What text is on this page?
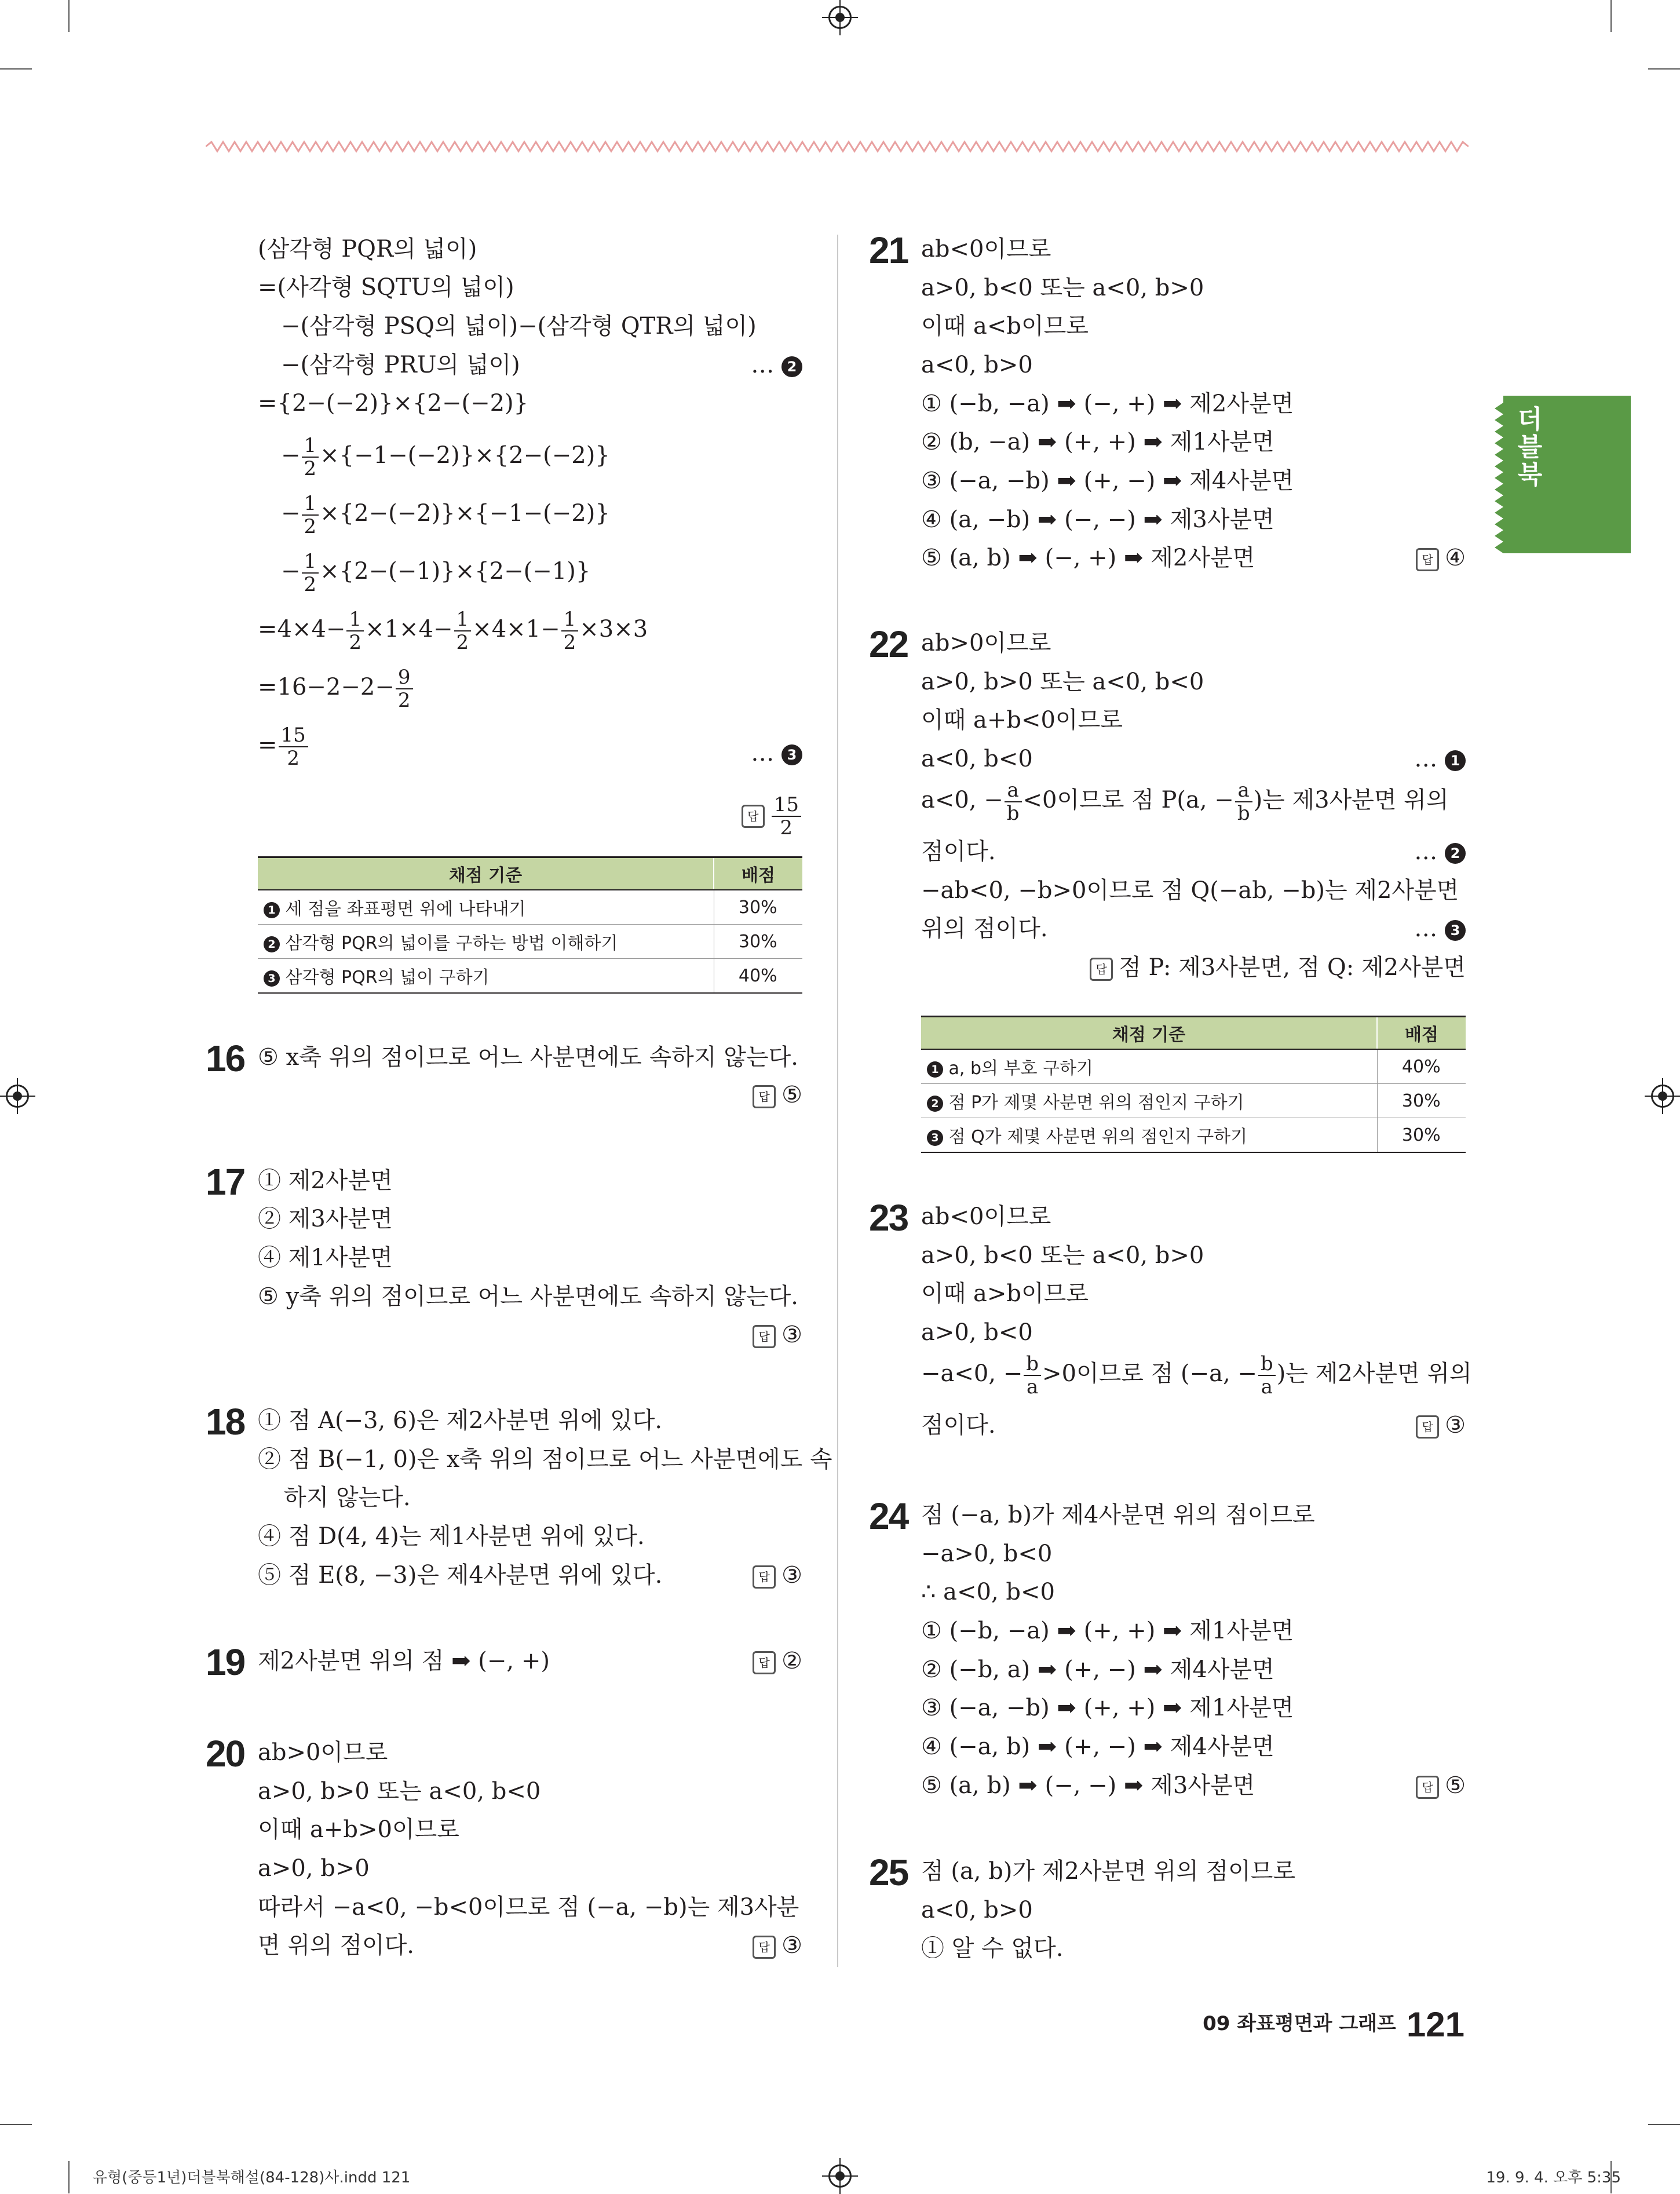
더블북
(삼각형 PQR의 넓이)
=(사각형 SQTU의 넓이)
−(삼각형 PSQ의 넓이)−(삼각형 QTR의 넓이)
−(삼각형 PRU의 넓이)	… 2
={2−(−2)}×{2−(−2)}
− $\frac{1}{2} \times\{-1-(-2)\}\times\{2-(-2)\}$
− $\frac{1}{2} \times\{2-(-2)\}\times\{-1-(-2)\}$
− $\frac{1}{2} \times\{2-(-1)\}\times\{2-(-1)\}$
$=4\times 4- \frac{1}{2} \times 1\times 4- \frac{1}{2} \times 4\times 1- \frac{1}{2} \times 3\times 3$
$=16-2-2- \frac{9}{2}$
= $\frac{15}{2}$	… 3
답 $\frac{15}{2}$
채점 기준	배점
1 세 점을 좌표평면 위에 나타내기	30%
2 삼각형 PQR의 넓이를 구하는 방법 이해하기	30%
3 삼각형 PQR의 넓이 구하기	40%
16 ⑤ x축 위의 점이므로 어느 사분면에도 속하지 않는다.
답 ⑤
17 ① 제2사분면
② 제3사분면
④ 제1사분면
⑤ y축 위의 점이므로 어느 사분면에도 속하지 않는다.
답 ③
18 ① 점 A(−3, 6)은 제2사분면 위에 있다.
② 점 B(−1, 0)은 x축 위의 점이므로 어느 사분면에도 속
하지 않는다.
④ 점 D(4, 4)는 제1사분면 위에 있다.
⑤ 점 E(8, −3)은 제4사분면 위에 있다.	답 ③
19 제2사분면 위의 점 ➡ (−, +)	답 ②
20 ab>0이므로
a>0, b>0 또는 a<0, b<0
이때 a+b>0이므로
a>0, b>0
따라서 −a<0, −b<0이므로 점 (−a, −b)는 제3사분
면 위의 점이다.	답 ③
21 ab<0이므로
a>0, b<0 또는 a<0, b>0
이때 a<b이므로
a<0, b>0
① (−b, −a) ➡ (−, +) ➡ 제2사분면
② (b, −a) ➡ (+, +) ➡ 제1사분면
③ (−a, −b) ➡ (+, −) ➡ 제4사분면
④ (a, −b) ➡ (−, −) ➡ 제3사분면
⑤ (a, b) ➡ (−, +) ➡ 제2사분면	답 ④
22 ab>0이므로
a>0, b>0 또는 a<0, b<0
이때 a+b<0이므로
a<0, b<0	… 1
a<0, − $\frac{a}{b} <0$이므로 점 P(a, − $\frac{a}{b}$ )는 제3사분면 위의
점이다.	… 2
−ab<0, −b>0이므로 점 Q(−ab, −b)는 제2사분면
위의 점이다.	… 3
답 점 P: 제3사분면, 점 Q: 제2사분면
채점 기준	배점
1 a, b의 부호 구하기	40%
2 점 P가 제몇 사분면 위의 점인지 구하기	30%
3 점 Q가 제몇 사분면 위의 점인지 구하기	30%
23 ab<0이므로
a>0, b<0 또는 a<0, b>0
이때 a>b이므로
a>0, b<0
−a<0, − $\frac{b}{a} >0$이므로 점 (−a, − $\frac{b}{a}$ )는 제2사분면 위의
점이다.	답 ③
24 점 (−a, b)가 제4사분면 위의 점이므로
−a>0, b<0
∴ a<0, b<0
① (−b, −a) ➡ (+, +) ➡ 제1사분면
② (−b, a) ➡ (+, −) ➡ 제4사분면
③ (−a, −b) ➡ (+, +) ➡ 제1사분면
④ (−a, b) ➡ (+, −) ➡ 제4사분면
⑤ (a, b) ➡ (−, −) ➡ 제3사분면	답 ⑤
25 점 (a, b)가 제2사분면 위의 점이므로
a<0, b>0
① 알 수 없다.
09 좌표평면과 그래프 121
유형(중등1년)더블북해설(84-128)사.indd 121	19. 9. 4. 오후 5:35
